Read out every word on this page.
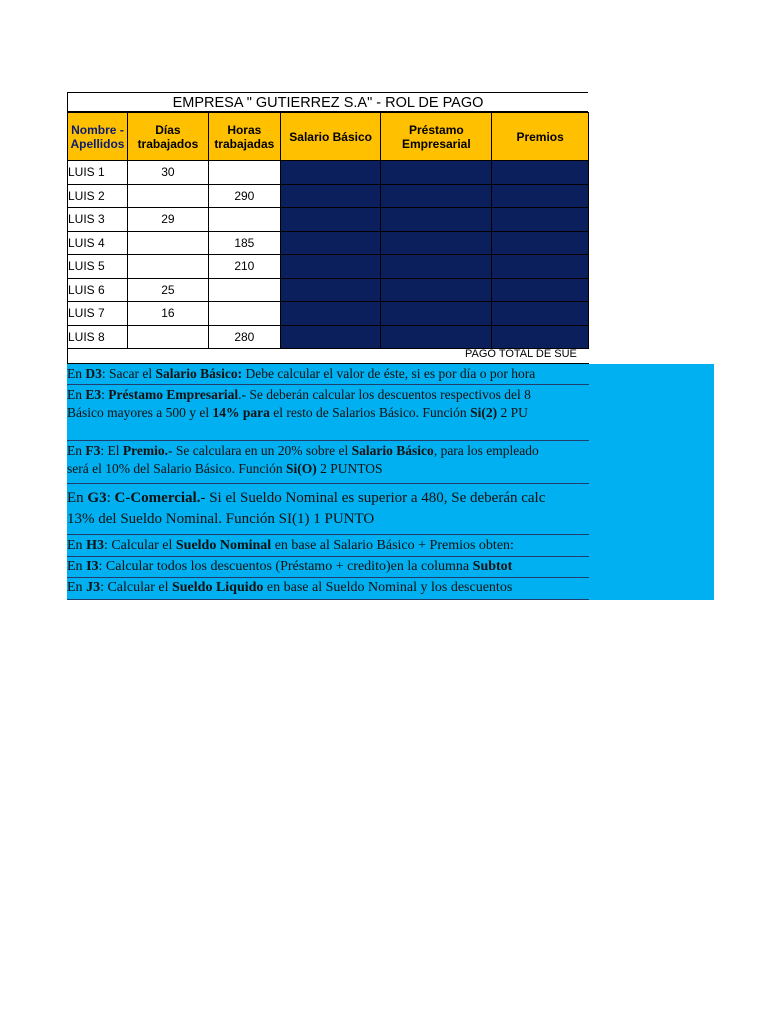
EMPRESA " GUTIERREZ S.A" - ROL DE PAGO
Nombre - Apellidos	Días trabajados	Horas trabajadas	Salario Básico	Préstamo Empresarial	Premios
LUIS 1	30				
LUIS 2		290			
LUIS 3	29				
LUIS 4		185			
LUIS 5		210			
LUIS 6	25				
LUIS 7	16				
LUIS 8		280			
PAGO TOTAL DE SUE
En D3: Sacar el Salario Básico: Debe calcular el valor de éste, si es por día o por hora
En E3: Préstamo Empresarial.- Se deberán calcular los descuentos respectivos del 8
Básico mayores a 500 y el 14% para el resto de Salarios Básico. Función Si(2) 2 PU
En F3: El Premio.- Se calculara en un 20% sobre el Salario Básico, para los empleado
será el 10% del Salario Básico. Función Si(O) 2 PUNTOS
En G3: C-Comercial.- Si el Sueldo Nominal es superior a 480, Se deberán calc
13% del Sueldo Nominal. Función SI(1) 1 PUNTO
En H3: Calcular el Sueldo Nominal en base al Salario Básico + Premios obten:
En I3: Calcular todos los descuentos (Préstamo + credito)en la columna Subtot
En J3: Calcular el Sueldo Liquido en base al Sueldo Nominal y los descuentos
